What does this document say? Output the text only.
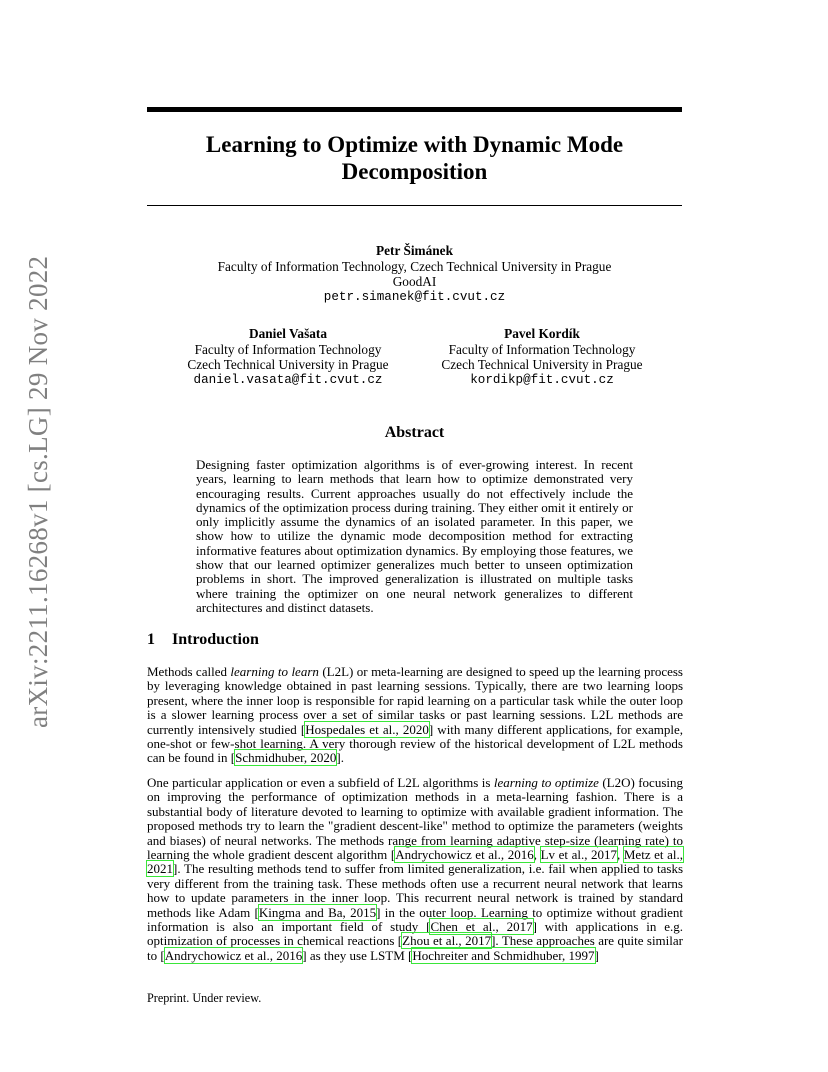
arXiv:2211.16268v1 [cs.LG] 29 Nov 2022
Learning to Optimize with Dynamic Mode Decomposition
Petr Šimánek
Faculty of Information Technology, Czech Technical University in Prague
GoodAI
petr.simanek@fit.cvut.cz
Daniel Vašata
Faculty of Information Technology
Czech Technical University in Prague
daniel.vasata@fit.cvut.cz
Pavel Kordík
Faculty of Information Technology
Czech Technical University in Prague
kordikp@fit.cvut.cz
Abstract
Designing faster optimization algorithms is of ever-growing interest. In recent years, learning to learn methods that learn how to optimize demonstrated very encouraging results. Current approaches usually do not effectively include the dynamics of the optimization process during training. They either omit it entirely or only implicitly assume the dynamics of an isolated parameter. In this paper, we show how to utilize the dynamic mode decomposition method for extracting informative features about optimization dynamics. By employing those features, we show that our learned optimizer generalizes much better to unseen optimization problems in short. The improved generalization is illustrated on multiple tasks where training the optimizer on one neural network generalizes to different architectures and distinct datasets.
1 Introduction
Methods called learning to learn (L2L) or meta-learning are designed to speed up the learning process by leveraging knowledge obtained in past learning sessions. Typically, there are two learning loops present, where the inner loop is responsible for rapid learning on a particular task while the outer loop is a slower learning process over a set of similar tasks or past learning sessions. L2L methods are currently intensively studied [Hospedales et al., 2020] with many different applications, for example, one-shot or few-shot learning. A very thorough review of the historical development of L2L methods can be found in [Schmidhuber, 2020].
One particular application or even a subfield of L2L algorithms is learning to optimize (L2O) focusing on improving the performance of optimization methods in a meta-learning fashion. There is a substantial body of literature devoted to learning to optimize with available gradient information. The proposed methods try to learn the "gradient descent-like" method to optimize the parameters (weights and biases) of neural networks. The methods range from learning adaptive step-size (learning rate) to learning the whole gradient descent algorithm [Andrychowicz et al., 2016, Lv et al., 2017, Metz et al., 2021]. The resulting methods tend to suffer from limited generalization, i.e. fail when applied to tasks very different from the training task. These methods often use a recurrent neural network that learns how to update parameters in the inner loop. This recurrent neural network is trained by standard methods like Adam [Kingma and Ba, 2015] in the outer loop. Learning to optimize without gradient information is also an important field of study [Chen et al., 2017] with applications in e.g. optimization of processes in chemical reactions [Zhou et al., 2017]. These approaches are quite similar to [Andrychowicz et al., 2016] as they use LSTM [Hochreiter and Schmidhuber, 1997]
Preprint. Under review.
